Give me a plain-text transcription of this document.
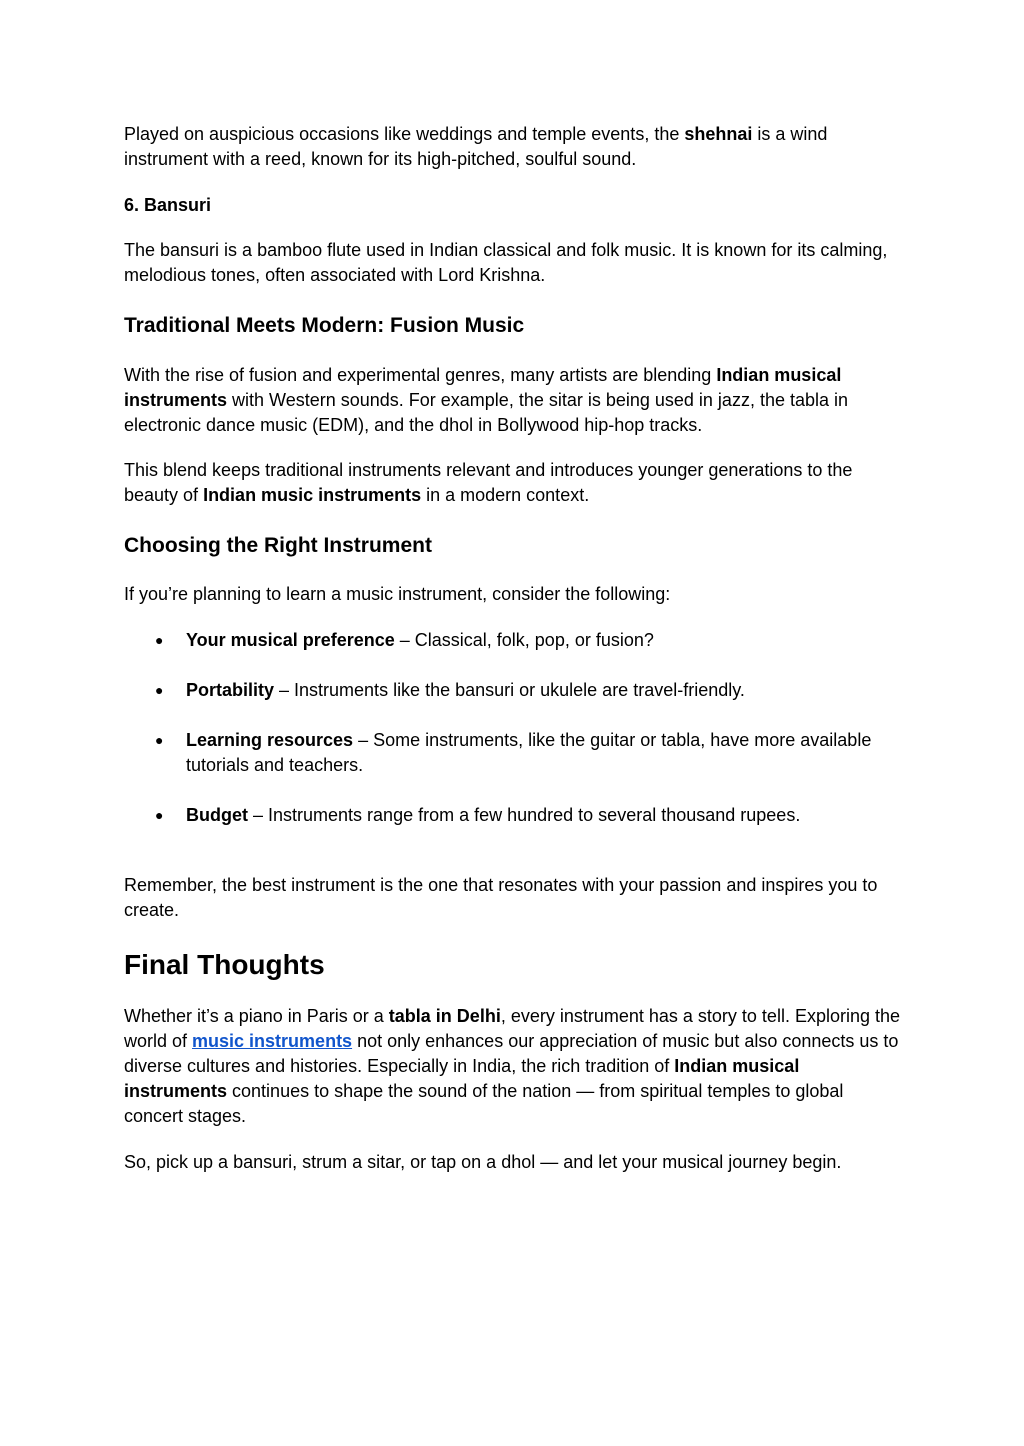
Played on auspicious occasions like weddings and temple events, the shehnai is a wind instrument with a reed, known for its high-pitched, soulful sound.

6. Bansuri

The bansuri is a bamboo flute used in Indian classical and folk music. It is known for its calming, melodious tones, often associated with Lord Krishna.

Traditional Meets Modern: Fusion Music

With the rise of fusion and experimental genres, many artists are blending Indian musical instruments with Western sounds. For example, the sitar is being used in jazz, the tabla in electronic dance music (EDM), and the dhol in Bollywood hip-hop tracks.

This blend keeps traditional instruments relevant and introduces younger generations to the beauty of Indian music instruments in a modern context.

Choosing the Right Instrument

If you’re planning to learn a music instrument, consider the following:

● Your musical preference – Classical, folk, pop, or fusion?
● Portability – Instruments like the bansuri or ukulele are travel-friendly.
● Learning resources – Some instruments, like the guitar or tabla, have more available tutorials and teachers.
● Budget – Instruments range from a few hundred to several thousand rupees.

Remember, the best instrument is the one that resonates with your passion and inspires you to create.

Final Thoughts

Whether it’s a piano in Paris or a tabla in Delhi, every instrument has a story to tell. Exploring the world of music instruments not only enhances our appreciation of music but also connects us to diverse cultures and histories. Especially in India, the rich tradition of Indian musical instruments continues to shape the sound of the nation — from spiritual temples to global concert stages.

So, pick up a bansuri, strum a sitar, or tap on a dhol — and let your musical journey begin.
